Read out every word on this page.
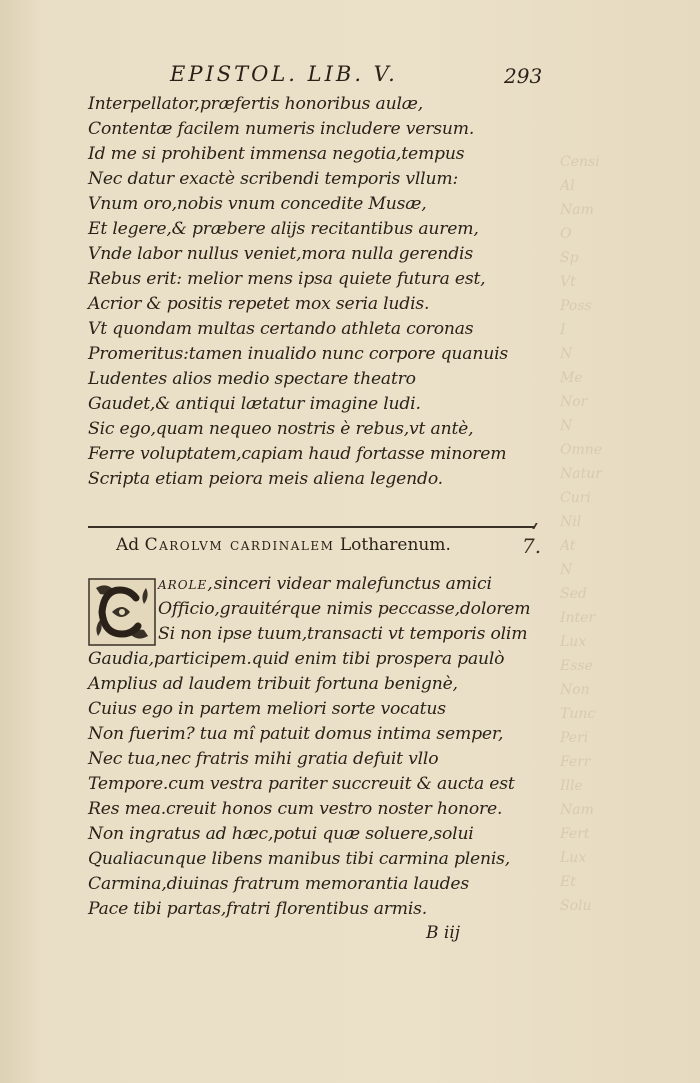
Censi
Al
Nam
O
Sp
Vt
Poss
I
N
Me
Nor
N
Omne
Natur
Curi
Nil
At
N
Sed
Inter
Lux
Esse
Non
Tunc
Peri
Ferr
Ille
Nam
Fert
Lux
Et
Solu
EPISTOL. LIB. V.	293
Interpellator,præfertis honoribus aulæ,
Contentæ facilem numeris includere versum.
Id me si prohibent immensa negotia,tempus
Nec datur exactè scribendi temporis vllum:
Vnum oro,nobis vnum concedite Musæ,
Et legere,& præbere alijs recitantibus aurem,
Vnde labor nullus veniet,mora nulla gerendis
Rebus erit: melior mens ipsa quiete futura est,
Acrior & positis repetet mox seria ludis.
Vt quondam multas certando athleta coronas
Promeritus:tamen inualido nunc corpore quanuis
Ludentes alios medio spectare theatro
Gaudet,& antiqui lætatur imagine ludi.
Sic ego,quam nequeo nostris è rebus,vt antè,
Ferre voluptatem,capiam haud fortasse minorem
Scripta etiam peiora meis aliena legendo.
Ad Carolvm cardinalem Lotharenum.	7.
arole,sinceri videar malefunctus amici
Officio,grauitérque nimis peccasse,dolorem
Si non ipse tuum,transacti vt temporis olim
Gaudia,participem.quid enim tibi prospera paulò
Amplius ad laudem tribuit fortuna benignè,
Cuius ego in partem meliori sorte vocatus
Non fuerim? tua mî patuit domus intima semper,
Nec tua,nec fratris mihi gratia defuit vllo
Tempore.cum vestra pariter succreuit & aucta est
Res mea.creuit honos cum vestro noster honore.
Non ingratus ad hæc,potui quæ soluere,solui
Qualiacunque libens manibus tibi carmina plenis,
Carmina,diuinas fratrum memorantia laudes
Pace tibi partas,fratri florentibus armis.
B iij
